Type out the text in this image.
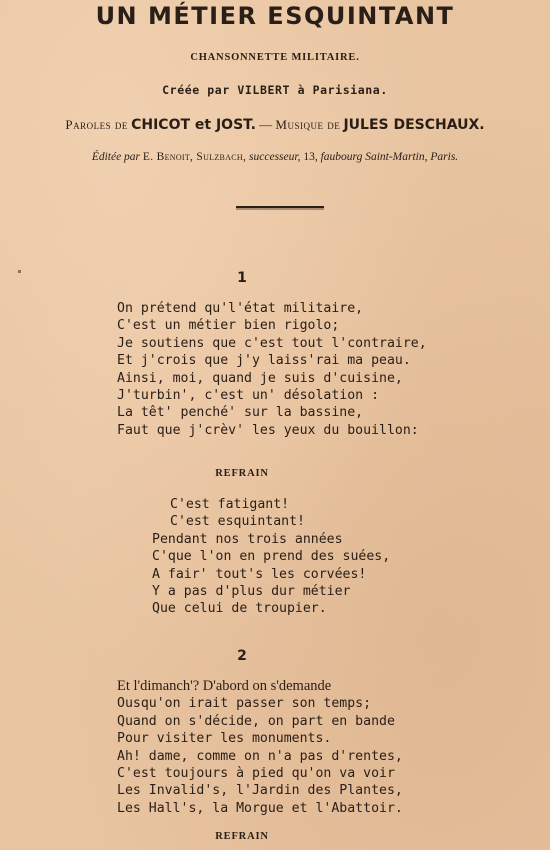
UN MÉTIER ESQUINTANT
CHANSONNETTE MILITAIRE.
Créée par VILBERT à Parisiana.
Paroles de CHICOT et JOST. — Musique de JULES DESCHAUX.
Éditée par E. Benoit, Sulzbach, successeur, 13, faubourg Saint-Martin, Paris.
1
On prétend qu'l'état militaire,
C'est un métier bien rigolo;
Je soutiens que c'est tout l'contraire,
Et j'crois que j'y laiss'rai ma peau.
Ainsi, moi, quand je suis d'cuisine,
J'turbin', c'est un' désolation :
La têt' penché' sur la bassine,
Faut que j'crèv' les yeux du bouillon:
REFRAIN
C'est fatigant!
C'est esquintant!
Pendant nos trois années
C'que l'on en prend des suées,
A fair' tout's les corvées!
Y a pas d'plus dur métier
Que celui de troupier.
2
Et l'dimanch'? D'abord on s'demande
Ousqu'on irait passer son temps;
Quand on s'décide, on part en bande
Pour visiter les monuments.
Ah! dame, comme on n'a pas d'rentes,
C'est toujours à pied qu'on va voir
Les Invalid's, l'Jardin des Plantes,
Les Hall's, la Morgue et l'Abattoir.
REFRAIN
